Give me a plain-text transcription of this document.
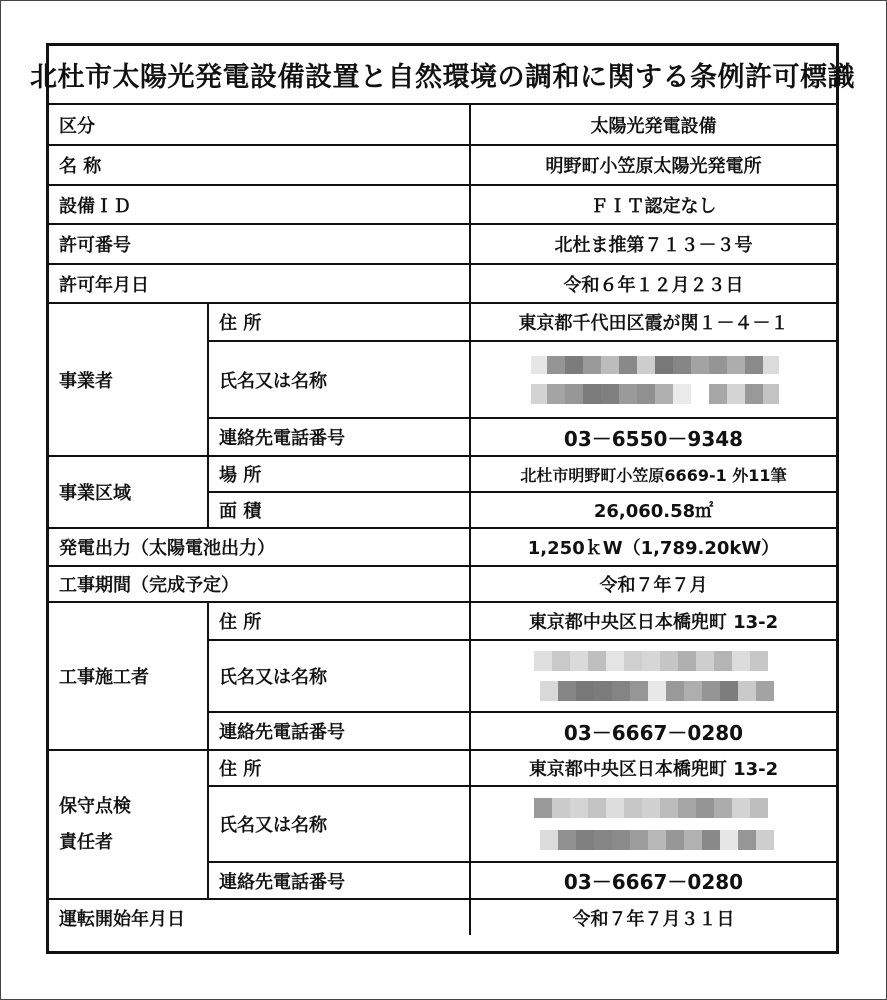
北杜市太陽光発電設備設置と自然環境の調和に関する条例許可標識
区分		太陽光発電設備
名 称		明野町小笠原太陽光発電所
設備ＩＤ		ＦＩＴ認定なし
許可番号		北杜ま推第７１３－３号
許可年月日		令和６年１２月２３日
事業者	住 所	東京都千代田区霞が関１－４－１
	氏名又は名称	

	連絡先電話番号	03－6550－9348
事業区域	場 所	北杜市明野町小笠原6669-1 外11筆
	面 積	26,060.58㎡
発電出力（太陽電池出力）		1,250ｋW（1,789.20kW）
工事期間（完成予定）		令和７年７月
工事施工者	住 所	東京都中央区日本橋兜町 13-2
	氏名又は名称	

	連絡先電話番号	03－6667－0280

保守点検
責任者	住 所	東京都中央区日本橋兜町 13-2
	氏名又は名称	

	連絡先電話番号	03－6667－0280
運転開始年月日		令和７年７月３１日
